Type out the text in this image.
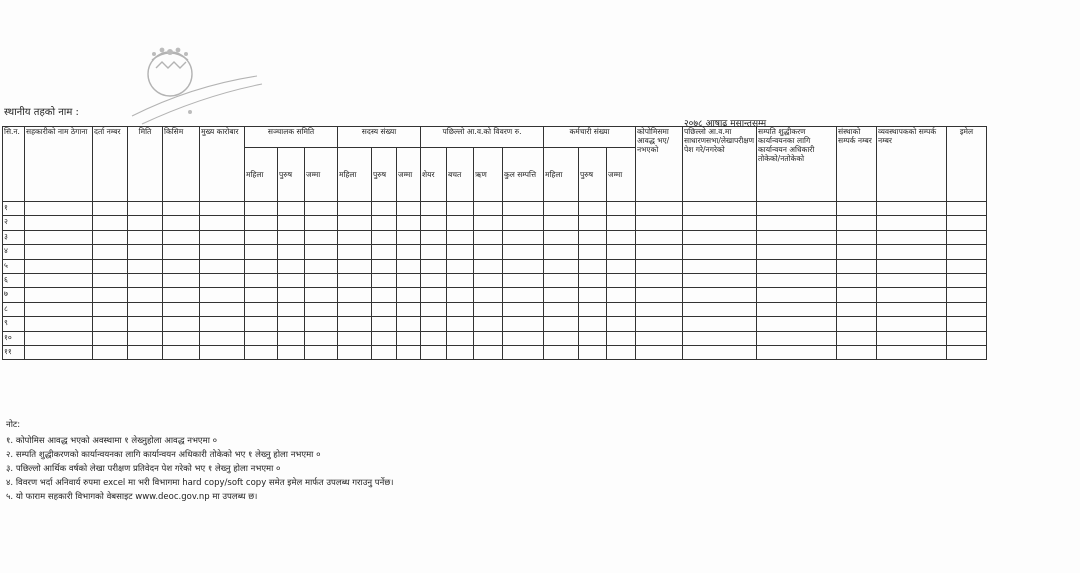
स्थानीय तहको नाम :
२०७८ आषाढ मसान्तसम्म
सि.न.	सहकारीको नाम ठेगाना	दर्ता नम्बर	मिति	किसिम	मुख्य कारोबार	सञ्चालक समिति			सदस्य संख्या			पछिल्लो आ.व.को विवरण रु.				कर्मचारी संख्या			कोपोमिसमा आवद्ध भए/नभएको	पछिल्लो आ.व.मा साधारणसभा/लेखापरीक्षण पेश गरे/नगरेको	सम्पति शुद्धीकरण कार्यान्वयनका लागि कार्यान्वयन अधिकारी तोकेको/नतोकेको	संस्थाको सम्पर्क नम्बर	व्यवस्थापकको सम्पर्क नम्बर	इमेल
						महिला	पुरुष	जम्मा	महिला	पुरुष	जम्मा	शेयर	बचत	ऋण	कुल सम्पत्ति	महिला	पुरुष	जम्मा						
१																								
२																								
३																								
४																								
५																								
६																								
७																								
८																								
९																								
१०																								
११																								
नोट:
१. कोपोमिस आवद्ध भएको अवस्थामा १ लेख्नुहोला आवद्ध नभएमा ०
२. सम्पति शुद्धीकरणको कार्यान्वयनका लागि कार्यान्वयन अधिकारी तोकेको भए १ लेख्नु होला नभएमा ०
३. पछिल्लो आर्थिक वर्षको लेखा परीक्षण प्रतिवेदन पेश गरेको भए १ लेख्नु होला नभएमा ०
४. विवरण भर्दा अनिवार्य रुपमा excel मा भरी विभागमा hard copy/soft copy समेत इमेल मार्फत उपलब्ध गराउनु पर्नेछ।
५. यो फाराम सहकारी विभागको वेबसाइट www.deoc.gov.np मा उपलब्ध छ।
